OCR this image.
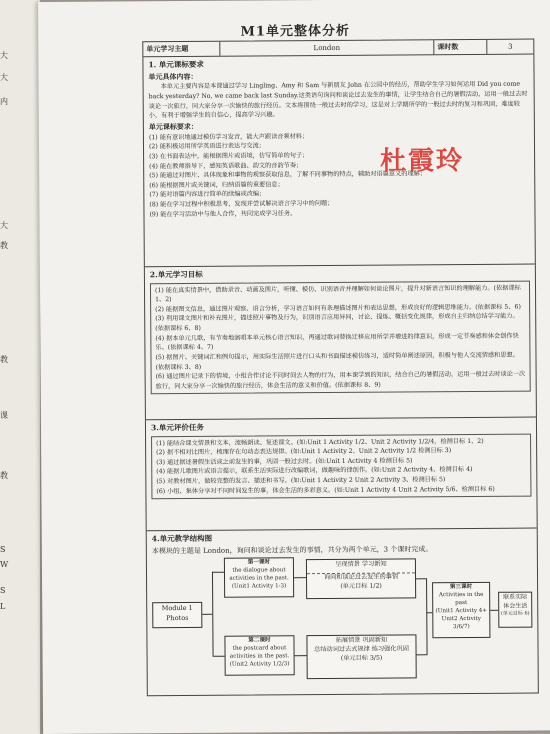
大
大
内
大
教
教
课
教
S
W
S
L
M1单元整体分析
单元学习主题	London	课时数	3
1. 单元课标要求
单元具体内容：

本单元主要内容是本课通过学习 Lingling、Amy 和 Sam 与新朋友 John 在公园中的经历，帮助学生学习如何运用 Did you come back yesterday? No, we came back last Sunday.这类语句询问和谈论过去发生的事情，让学生结合自己的暑假活动，运用一般过去时谈论一次旅行，同大家分享一次愉快的旅行经历。文本将围绕一般过去时的学习，这是对上学期所学的一般过去时的复习和巩固，难度较小，有利于增强学生的自信心，提高学习兴趣。

单元课标要求：

(1) 能有意识地通过模仿学习发音，能大声跟读音频材料；

(2) 能积极运用所学英语进行表达与交流；

(3) 在书面表达中，能根据图片或语境，仿写简单的句子；

(4) 能在教师指导下，感知英语歌曲、韵文的音韵节奏；

(5) 能通过对图片、具体现象和事物的观察获取信息，了解不同事物的特点，辅助对语篇意义的理解；

(6) 能根据图片或关键词，归纳语篇的重要信息；

(7) 能对语篇内容进行简单的续编或改编；

(8) 能在学习过程中积极思考，发现并尝试解决语言学习中的问题；

(9) 能在学习活动中与他人合作，共同完成学习任务。

杜霞玲
2.单元学习目标

(1) 能在真实情景中，借助录音、动画及图片，听懂、模仿、识别语音并理解如何谈论图片，提升对新语言知识的理解能力。(依据课标 1、2)

(2) 能据图文信息，通过图片观察、语言分析，学习语言如何有条理描述图片和表达思想，形成良好的逻辑思维能力。(依据课标 5、6)

(3) 利用课文图片和补充图片，描述照片事物及行为，识别语言应用异同，讨论、提炼、概括变化规律，形成自主归纳总结学习能力。(依据课标 6、8)

(4) 据本单元几歌，有节奏地演唱本单元核心语言知识，再通过歌词替换迁移应用所学并增进的律意识，形成一定节奏感和体会创作快乐。(依据课标 4、7)

(5) 据图片、关键词汇和例句提示，用实际生活照片进行口头和书面描述模仿练习，适时简单阐述原因，积极与他人交流情感和思想。(依据课标 3、8)

(6) 通过图片记录下的情境，小组合作讨论不同时间去人物的行为，用本课学到的知识，结合自己的暑假活动，运用一般过去时谈论一次旅行，同大家分享一次愉快的旅行经历，体会生活的意义和价值。(依据课标 8、9)

3.单元评价任务

(1) 能结合课文情景和文本，流畅朗读、复述课文。(如:Unit 1 Activity 1/2、Unit 2 Activity 1/2/4，检测目标 1、2)

(2) 据不相对比图片，梳理存在句动态表达规律。(如:Unit 1 Activity 2、Unit 2 Activity 1/2 检测目标 3)

(3) 通过据述暑假生活或之前发生的事，巩固一般过去时。(如:Unit 1 Activity 4 检测目标 5)

(4) 能据儿歌图片或语言提示，联系生活实际进行改编歌词，做趣味的律创作。(如:Unit 2 Activity 4、检测目标 4)

(5) 对教材图片，做较完整的发言、描述和书写。(如:Unit 1 Activity 2 Unit 2 Activity 3、检测目标 5)

(6) 小组、集体分享对不同时间发生的事，体会生活的多彩意义。(如:Unit 1 Activity 4 Unit 2 Activity 5/6、检测目标 6)

4.单元教学结构图

本模块的主题是 London，询问和谈论过去发生的事情，共分为两个单元，3 个课时完成。

Module 1 Photos
第一课时
the dialogue about activities in the past.
(Unit1 Activity 1-3)
第二课时
the postcard about activities in the past.
(Unit2 Activity 1/2/3)
呈现情景 学习新知
询问和谈论过去发生的事情
(单元目标 1/2)
拓展情景 巩固新知
总结动词过去式规律 练习强化巩固
(单元目标 3/5)
第三课时
Activities in the past
(Unit1 Activity 4+
Unit2 Activity 3/6/7)
联系实际
体会生活
(单元目标 6)
